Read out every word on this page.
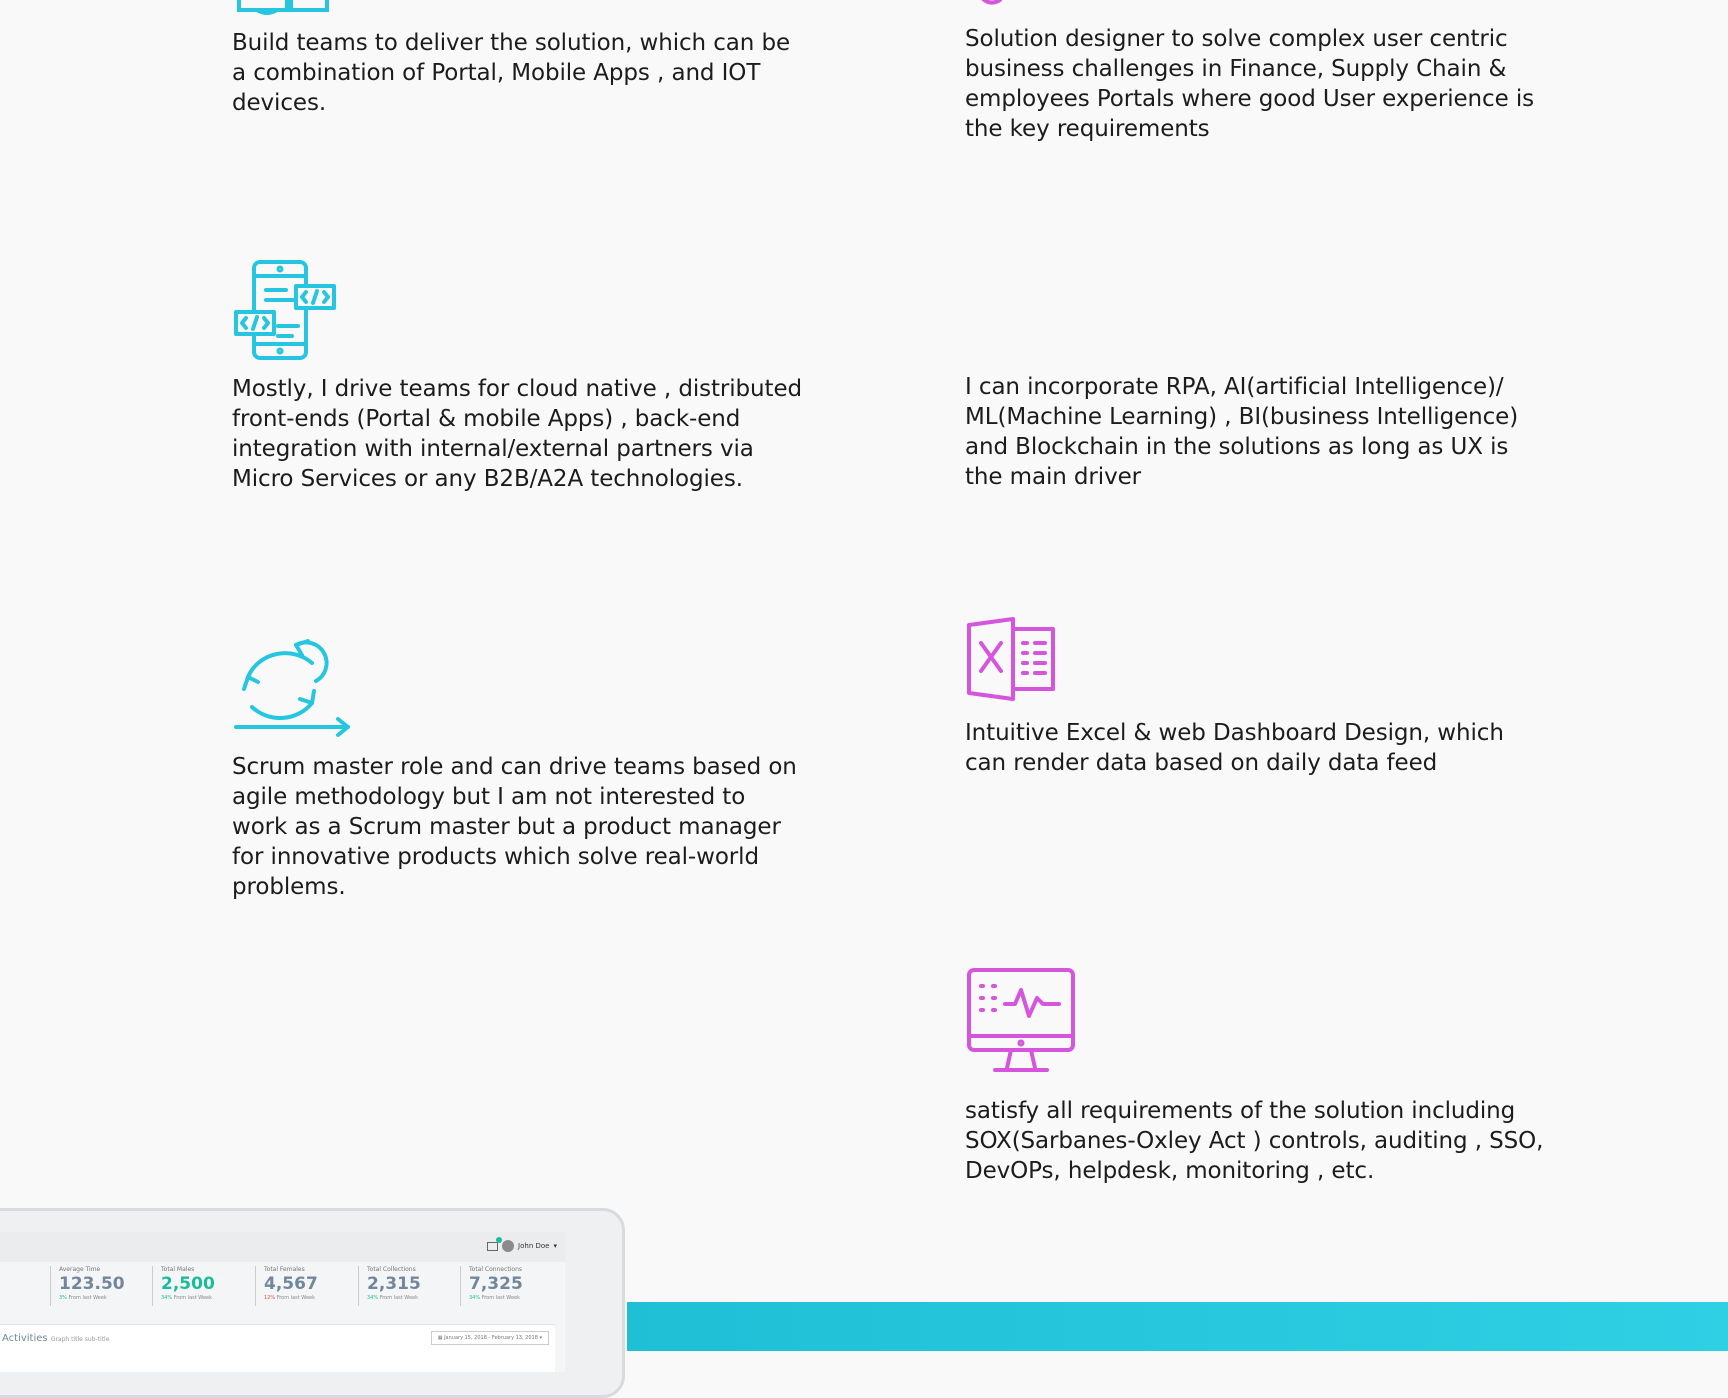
Build teams to deliver the solution, which can be a combination of Portal, Mobile Apps , and IOT devices.

Mostly, I drive teams for cloud native , distributed front-ends (Portal & mobile Apps) , back-end integration with internal/external partners via Micro Services or any B2B/A2A technologies.

Scrum master role and can drive teams based on agile methodology but I am not interested to work as a Scrum master but a product manager for innovative products which solve real-world problems.

Solution designer to solve complex user centric business challenges in Finance, Supply Chain & employees Portals where good User experience is the key requirements

I can incorporate RPA, AI(artificial Intelligence)/ ML(Machine Learning) , BI(business Intelligence) and Blockchain in the solutions as long as UX is the main driver

Intuitive Excel & web Dashboard Design, which can render data based on daily data feed

satisfy all requirements of the solution including SOX(Sarbanes-Oxley Act ) controls, auditing , SSO, DevOPs, helpdesk, monitoring , etc.

John Doe ▾
Average Time
123.50
3% From last Week
Total Males
2,500
34% From last Week
Total Females
4,567
12% From last Week
Total Collections
2,315
34% From last Week
Total Connections
7,325
34% From last Week
Activities Graph title sub-title	▦ January 15, 2018 - February 13, 2018 ▾
